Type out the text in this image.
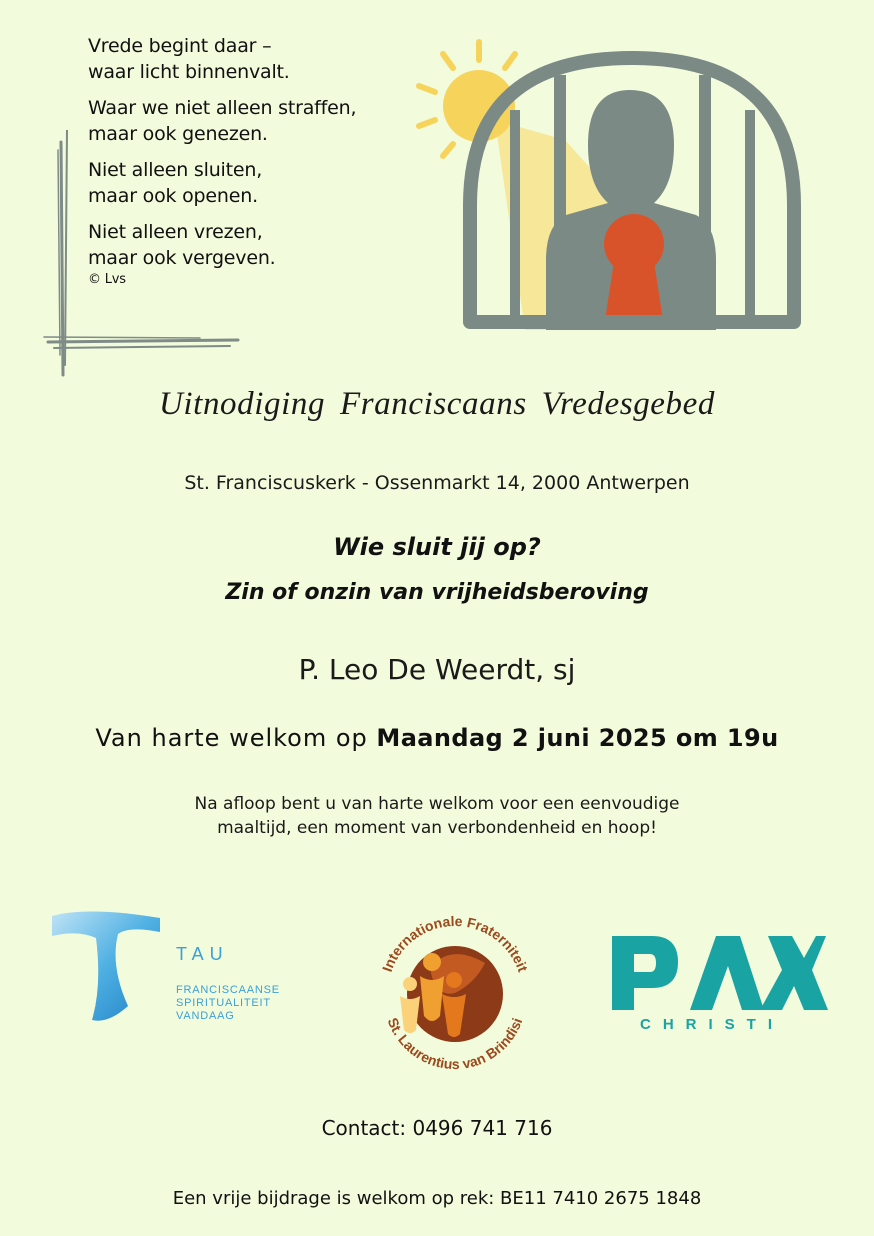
Vrede begint daar –
waar licht binnenvalt.

Waar we niet alleen straffen,
maar ook genezen.

Niet alleen sluiten,
maar ook openen.

Niet alleen vrezen,
maar ook vergeven.

© Lvs

Uitnodiging Franciscaans Vredesgebed
St. Franciscuskerk - Ossenmarkt 14, 2000 Antwerpen
Wie sluit jij op?
Zin of onzin van vrijheidsberoving
P. Leo De Weerdt, sj
Van harte welkom op Maandag 2 juni 2025 om 19u
Na afloop bent u van harte welkom voor een eenvoudige
maaltijd, een moment van verbondenheid en hoop!
TAU
FRANCISCAANSE
SPIRITUALITEIT
VANDAAG
Internationale Fraterniteit
St. Laurentius van Brindisi	CHRISTI
Contact: 0496 741 716
Een vrije bijdrage is welkom op rek: BE11 7410 2675 1848
